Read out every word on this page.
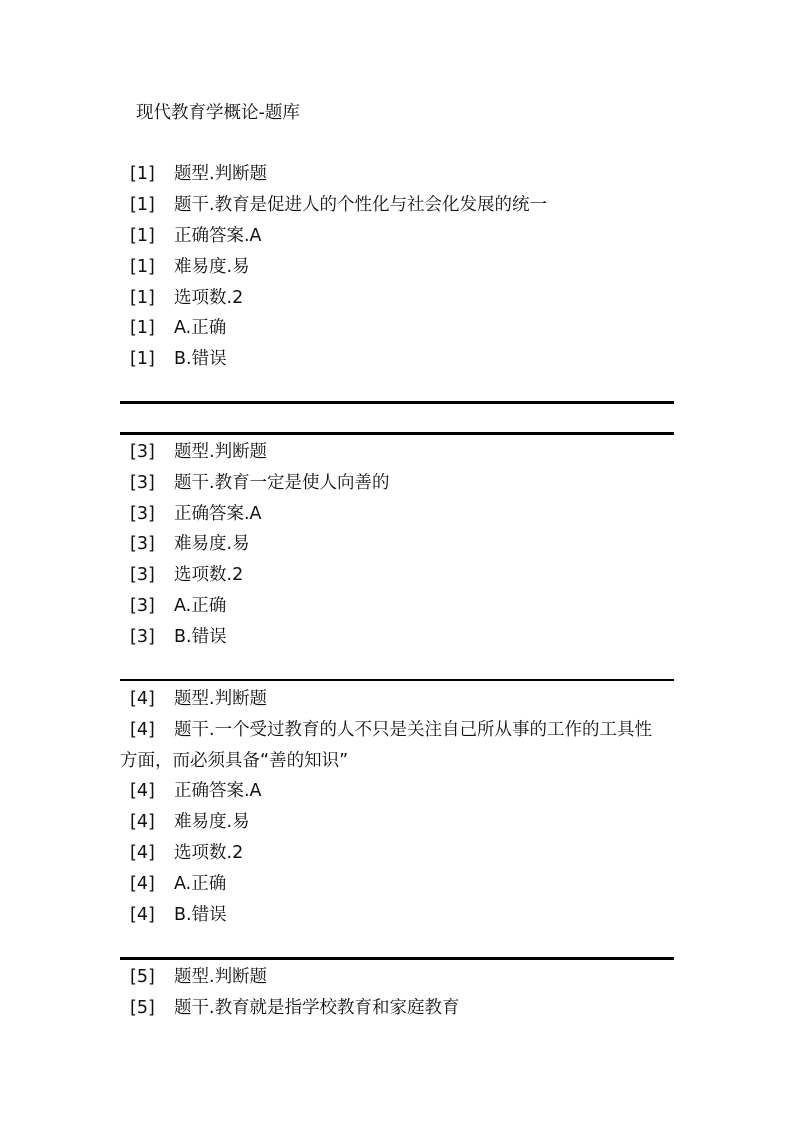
现代教育学概论-题库
[1] 题型.判断题
[1] 题干.教育是促进人的个性化与社会化发展的统一
[1] 正确答案.A
[1] 难易度.易
[1] 选项数.2
[1] A.正确
[1] B.错误
[3] 题型.判断题
[3] 题干.教育一定是使人向善的
[3] 正确答案.A
[3] 难易度.易
[3] 选项数.2
[3] A.正确
[3] B.错误
[4] 题型.判断题
[4] 题干.一个受过教育的人不只是关注自己所从事的工作的工具性
方面，而必须具备“善的知识”
[4] 正确答案.A
[4] 难易度.易
[4] 选项数.2
[4] A.正确
[4] B.错误
[5] 题型.判断题
[5] 题干.教育就是指学校教育和家庭教育
